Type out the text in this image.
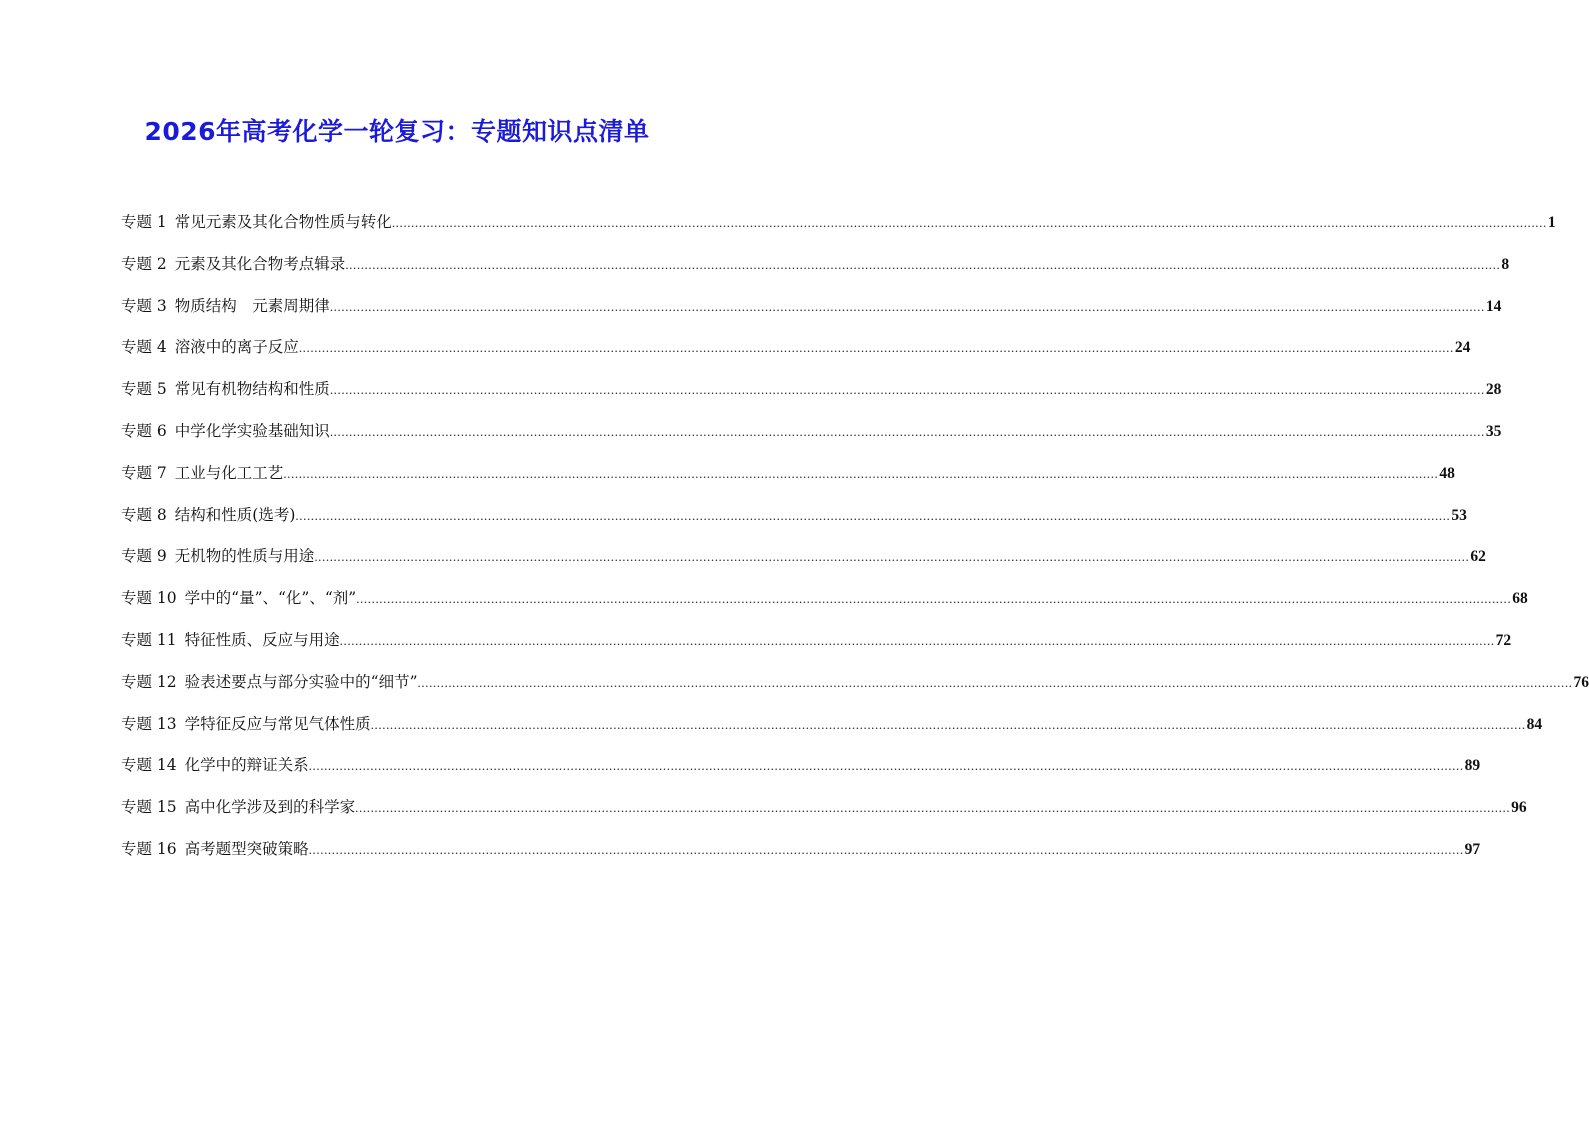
2026年高考化学一轮复习：专题知识点清单
专题 1 常见元素及其化合物性质与转化 ............................................................................................................................................................................................................................................................................................................ 1
专题 2 元素及其化合物考点辑录 ............................................................................................................................................................................................................................................................................................................ 8
专题 3 物质结构　元素周期律 ............................................................................................................................................................................................................................................................................................................ 14
专题 4 溶液中的离子反应 ............................................................................................................................................................................................................................................................................................................ 24
专题 5 常见有机物结构和性质 ............................................................................................................................................................................................................................................................................................................ 28
专题 6 中学化学实验基础知识 ............................................................................................................................................................................................................................................................................................................ 35
专题 7 工业与化工工艺 ............................................................................................................................................................................................................................................................................................................ 48
专题 8 结构和性质(选考) ............................................................................................................................................................................................................................................................................................................ 53
专题 9 无机物的性质与用途 ............................................................................................................................................................................................................................................................................................................ 62
专题 10 学中的“量”、“化”、“剂” ............................................................................................................................................................................................................................................................................................................ 68
专题 11 特征性质、反应与用途 ............................................................................................................................................................................................................................................................................................................ 72
专题 12 验表述要点与部分实验中的“细节” ............................................................................................................................................................................................................................................................................................................ 76
专题 13 学特征反应与常见气体性质 ............................................................................................................................................................................................................................................................................................................ 84
专题 14 化学中的辩证关系 ............................................................................................................................................................................................................................................................................................................ 89
专题 15 高中化学涉及到的科学家 ............................................................................................................................................................................................................................................................................................................ 96
专题 16 高考题型突破策略 ............................................................................................................................................................................................................................................................................................................ 97
